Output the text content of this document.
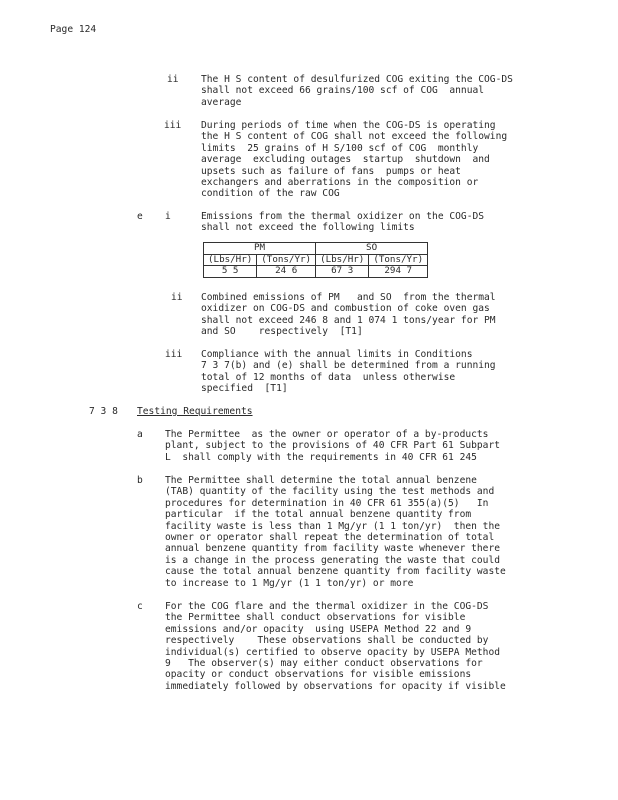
Page 124
ii The H S content of desulfurized COG exiting the COG-DS
shall not exceed 66 grains/100 scf of COG  annual
average
iii During periods of time when the COG-DS is operating
the H S content of COG shall not exceed the following
limits  25 grains of H S/100 scf of COG  monthly
average  excluding outages  startup  shutdown  and
upsets such as failure of fans  pumps or heat
exchangers and aberrations in the composition or
condition of the raw COG
e i	Emissions from the thermal oxidizer on the COG-DS
shall not exceed the following limits
PM		SO	
(Lbs/Hr)	(Tons/Yr)	(Lbs/Hr)	(Tons/Yr)
5 5	24 6	67 3	294 7
ii Combined emissions of PM   and SO  from the thermal
oxidizer on COG-DS and combustion of coke oven gas
shall not exceed 246 8 and 1 074 1 tons/year for PM
and SO    respectively  [T1]
iii Compliance with the annual limits in Conditions
7 3 7(b) and (e) shall be determined from a running
total of 12 months of data  unless otherwise
specified  [T1]
7 3 8 Testing Requirements
a The Permittee  as the owner or operator of a by-products
plant, subject to the provisions of 40 CFR Part 61 Subpart
L  shall comply with the requirements in 40 CFR 61 245
b The Permittee shall determine the total annual benzene
(TAB) quantity of the facility using the test methods and
procedures for determination in 40 CFR 61 355(a)(5)   In
particular  if the total annual benzene quantity from
facility waste is less than 1 Mg/yr (1 1 ton/yr)  then the
owner or operator shall repeat the determination of total
annual benzene quantity from facility waste whenever there
is a change in the process generating the waste that could
cause the total annual benzene quantity from facility waste
to increase to 1 Mg/yr (1 1 ton/yr) or more
c For the COG flare and the thermal oxidizer in the COG-DS
the Permittee shall conduct observations for visible
emissions and/or opacity  using USEPA Method 22 and 9
respectively    These observations shall be conducted by
individual(s) certified to observe opacity by USEPA Method
9   The observer(s) may either conduct observations for
opacity or conduct observations for visible emissions
immediately followed by observations for opacity if visible
